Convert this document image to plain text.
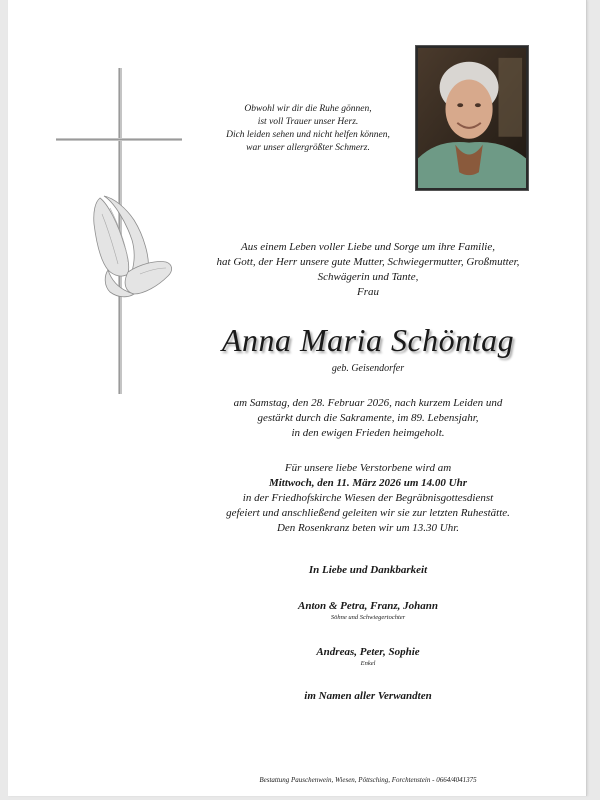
Obwohl wir dir die Ruhe gönnen,
ist voll Trauer unser Herz.
Dich leiden sehen und nicht helfen können,
war unser allergrößter Schmerz.
Aus einem Leben voller Liebe und Sorge um ihre Familie,
hat Gott, der Herr unsere gute Mutter, Schwiegermutter, Großmutter,
Schwägerin und Tante,
Frau
Anna Maria Schöntag
geb. Geisendorfer
am Samstag, den 28. Februar 2026, nach kurzem Leiden und
gestärkt durch die Sakramente, im 89. Lebensjahr,
in den ewigen Frieden heimgeholt.
Für unsere liebe Verstorbene wird am
Mittwoch, den 11. März 2026 um 14.00 Uhr
in der Friedhofskirche Wiesen der Begräbnisgottesdienst
gefeiert und anschließend geleiten wir sie zur letzten Ruhestätte.
Den Rosenkranz beten wir um 13.30 Uhr.
In Liebe und Dankbarkeit
Anton & Petra, Franz, Johann
Söhne und Schwiegertochter
Andreas, Peter, Sophie
Enkel
im Namen aller Verwandten
Bestattung Pauschenwein, Wiesen, Pöttsching, Forchtenstein - 0664/4041375
